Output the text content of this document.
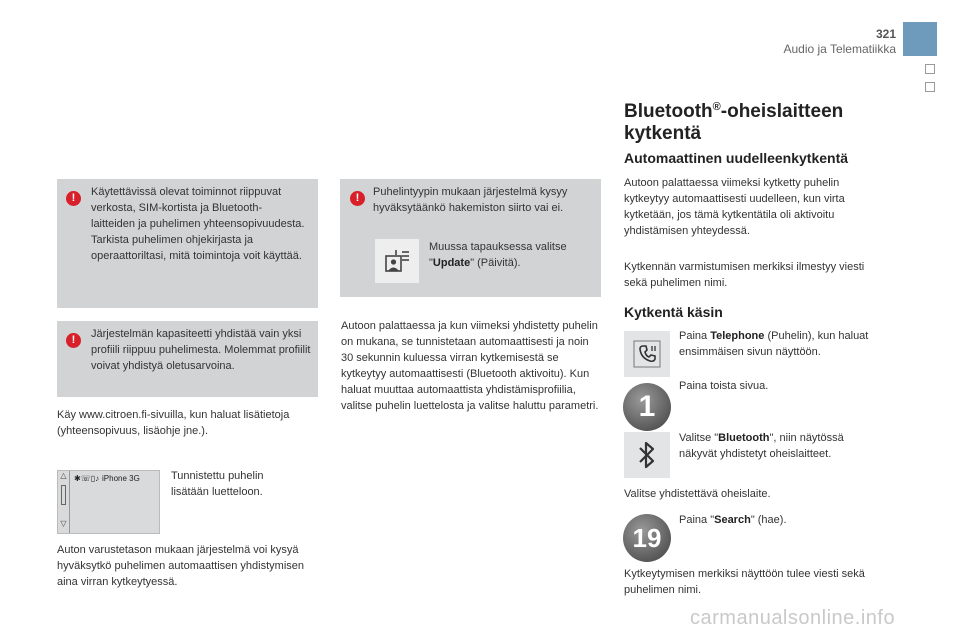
321
Audio ja Telematiikka
!	Käytettävissä olevat toiminnot riippuvat verkosta, SIM-kortista ja Bluetooth-laitteiden ja puhelimen yhteensopivuudesta. Tarkista puhelimen ohjekirjasta ja operaattoriltasi, mitä toimintoja voit käyttää.
!	Järjestelmän kapasiteetti yhdistää vain yksi profiili riippuu puhelimesta. Molemmat profiilit voivat yhdistyä oletusarvoina.
Käy www.citroen.fi-sivuilla, kun haluat lisätietoja (yhteensopivuus, lisäohje jne.).
△
▽
✱☏▯♪ iPhone 3G	Tunnistettu puhelin lisätään luetteloon.
Auton varustetason mukaan järjestelmä voi kysyä hyväksytkö puhelimen automaattisen yhdistymisen aina virran kytkeytyessä.
!	Puhelintyypin mukaan järjestelmä kysyy hyväksytäänkö hakemiston siirto vai ei.
Muussa tapauksessa valitse "Update" (Päivitä).
Autoon palattaessa ja kun viimeksi yhdistetty puhelin on mukana, se tunnistetaan automaattisesti ja noin 30 sekunnin kuluessa virran kytkemisestä se kytkeytyy automaattisesti (Bluetooth aktivoitu). Kun haluat muuttaa automaattista yhdistämisprofiilia, valitse puhelin luettelosta ja valitse haluttu parametri.
Bluetooth®-oheislaitteen kytkentä
Automaattinen uudelleenkytkentä
Autoon palattaessa viimeksi kytketty puhelin kytkeytyy automaattisesti uudelleen, kun virta kytketään, jos tämä kytkentätila oli aktivoitu yhdistämisen yhteydessä.
Kytkennän varmistumisen merkiksi ilmestyy viesti sekä puhelimen nimi.
Kytkentä käsin
Paina Telephone (Puhelin), kun haluat ensimmäisen sivun näyttöön.
1
Paina toista sivua.
Valitse "Bluetooth", niin näytössä näkyvät yhdistetyt oheislaitteet.
Valitse yhdistettävä oheislaite.
19
Paina "Search" (hae).
Kytkeytymisen merkiksi näyttöön tulee viesti sekä puhelimen nimi.
carmanualsonline.info
